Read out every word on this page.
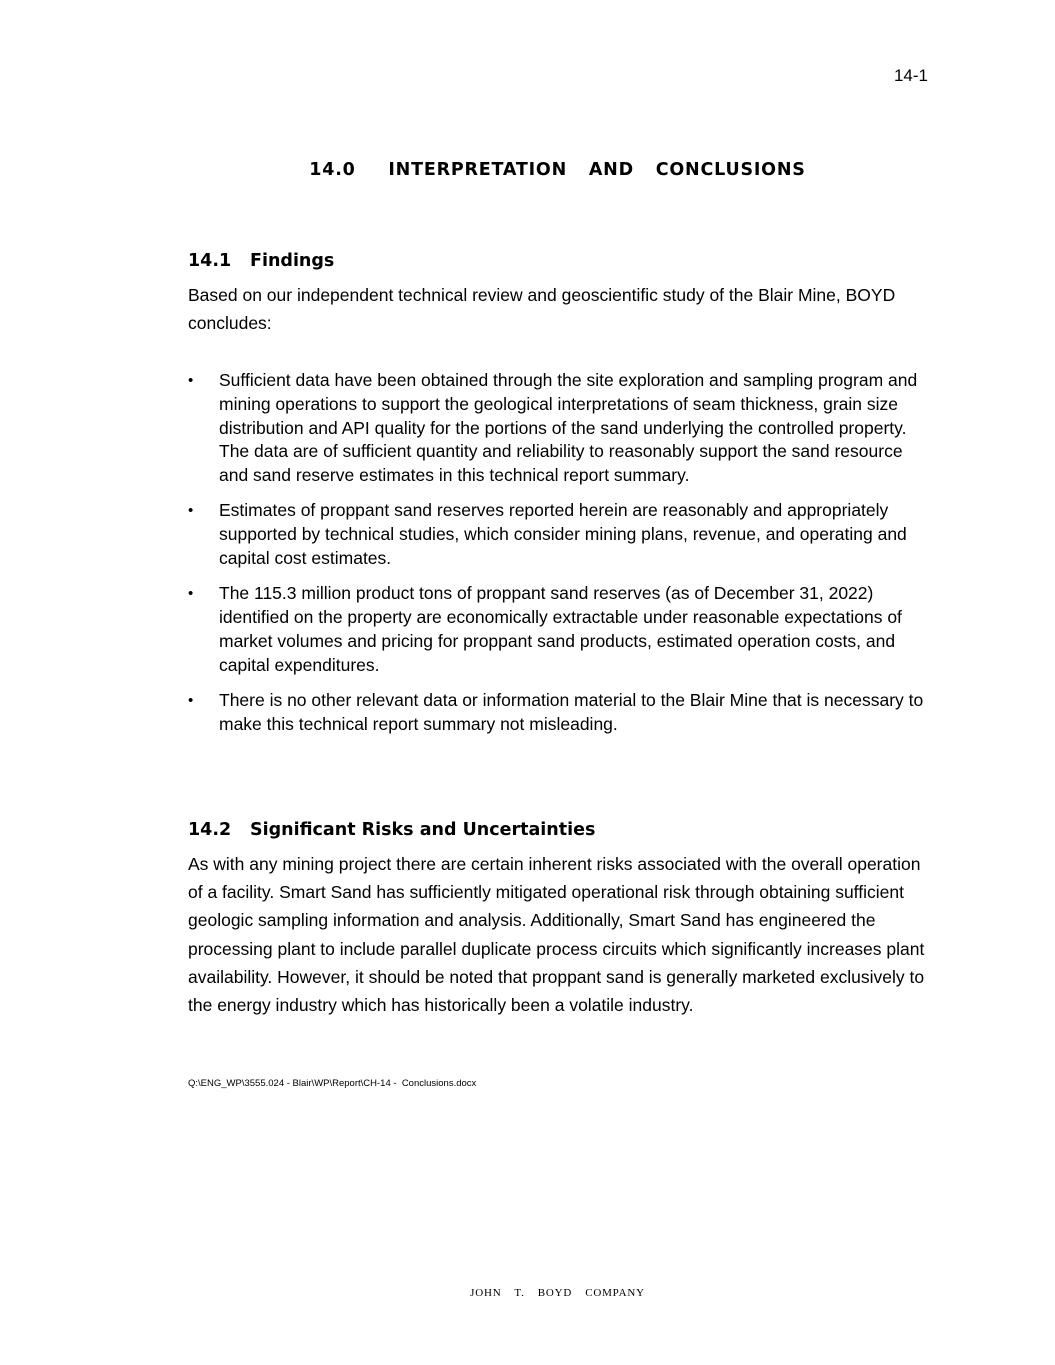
14-1
14.0   INTERPRETATION  AND  CONCLUSIONS
14.1 Findings

Based on our independent technical review and geoscientific study of the Blair Mine, BOYD concludes:

• Sufficient data have been obtained through the site exploration and sampling program and mining operations to support the geological interpretations of seam thickness, grain size distribution and API quality for the portions of the sand underlying the controlled property. The data are of sufficient quantity and reliability to reasonably support the sand resource and sand reserve estimates in this technical report summary.
• Estimates of proppant sand reserves reported herein are reasonably and appropriately supported by technical studies, which consider mining plans, revenue, and operating and capital cost estimates.
• The 115.3 million product tons of proppant sand reserves (as of December 31, 2022) identified on the property are economically extractable under reasonable expectations of market volumes and pricing for proppant sand products, estimated operation costs, and capital expenditures.
• There is no other relevant data or information material to the Blair Mine that is necessary to make this technical report summary not misleading.
14.2 Significant Risks and Uncertainties

As with any mining project there are certain inherent risks associated with the overall operation of a facility. Smart Sand has sufficiently mitigated operational risk through obtaining sufficient geologic sampling information and analysis. Additionally, Smart Sand has engineered the processing plant to include parallel duplicate process circuits which significantly increases plant availability. However, it should be noted that proppant sand is generally marketed exclusively to the energy industry which has historically been a volatile industry.

Q:\ENG_WP\3555.024 - Blair\WP\Report\CH-14 -  Conclusions.docx
JOHN  T.  BOYD  COMPANY
